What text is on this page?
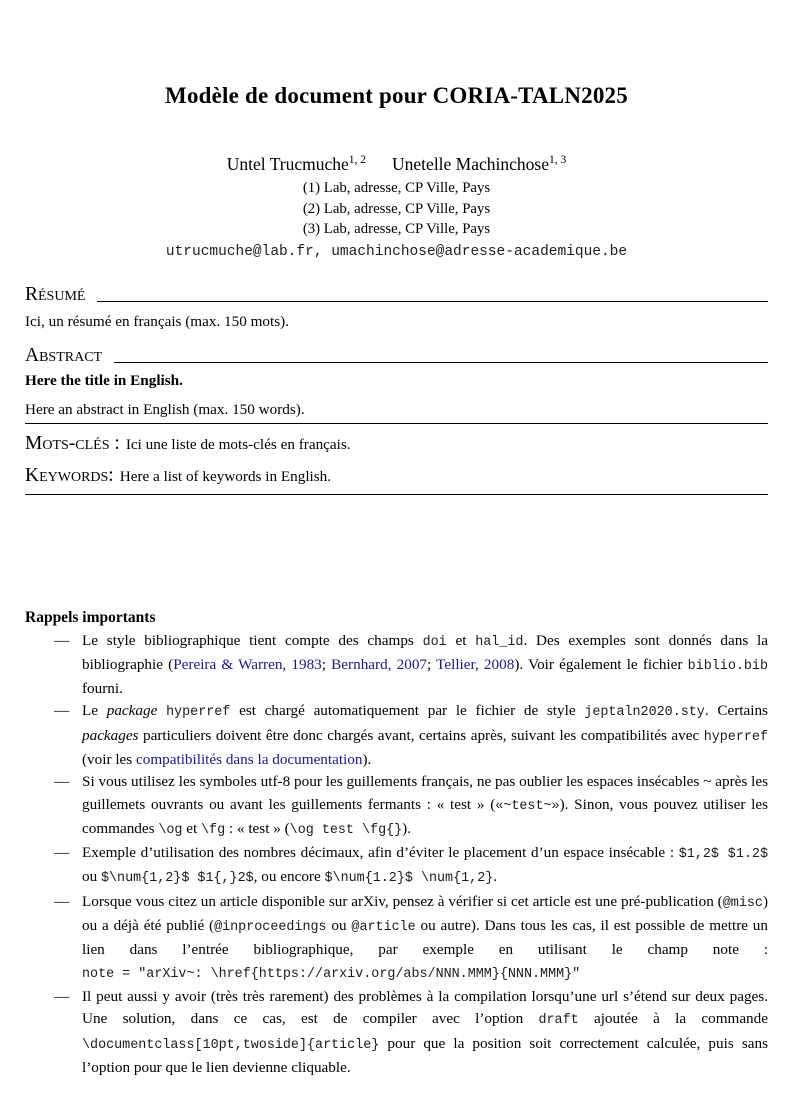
Modèle de document pour CORIA-TALN2025
Untel Trucmuche$^{1, 2}$ Unetelle Machinchose$^{1, 3}$
(1) Lab, adresse, CP Ville, Pays
(2) Lab, adresse, CP Ville, Pays
(3) Lab, adresse, CP Ville, Pays
utrucmuche@lab.fr, umachinchose@adresse-academique.be
Résumé
Ici, un résumé en français (max. 150 mots).
Abstract
Here the title in English.
Here an abstract in English (max. 150 words).
Mots-clés : Ici une liste de mots-clés en français.
Keywords: Here a list of keywords in English.
Rappels importants
— Le style bibliographique tient compte des champs doi et hal_id. Des exemples sont donnés dans la bibliographie (Pereira & Warren, 1983; Bernhard, 2007; Tellier, 2008). Voir également le fichier biblio.bib fourni.
— Le package hyperref est chargé automatiquement par le fichier de style jeptaln2020.sty. Certains packages particuliers doivent être donc chargés avant, certains après, suivant les compatibilités avec hyperref (voir les compatibilités dans la documentation).
— Si vous utilisez les symboles utf-8 pour les guillements français, ne pas oublier les espaces insécables ~ après les guillemets ouvrants ou avant les guillements fermants : « test » («~test~»). Sinon, vous pouvez utiliser les commandes \og et \fg : « test » (\og test \fg{}).
— Exemple d’utilisation des nombres décimaux, afin d’éviter le placement d’un espace insécable : $1,2$ $1.2$ ou $\num{1,2}$ $1{,}2$, ou encore $\num{1.2}$ \num{1,2}.
— Lorsque vous citez un article disponible sur arXiv, pensez à vérifier si cet article est une pré-publication (@misc) ou a déjà été publié (@inproceedings ou @article ou autre). Dans tous les cas, il est possible de mettre un lien dans l’entrée bibliographique, par exemple en utilisant le champ note : note = "arXiv~: \href{https://arxiv.org/abs/NNN.MMM}{NNN.MMM}"
— Il peut aussi y avoir (très très rarement) des problèmes à la compilation lorsqu’une url s’étend sur deux pages. Une solution, dans ce cas, est de compiler avec l’option draft ajoutée à la commande \documentclass[10pt,twoside]{article} pour que la position soit correctement calculée, puis sans l’option pour que le lien devienne cliquable.
